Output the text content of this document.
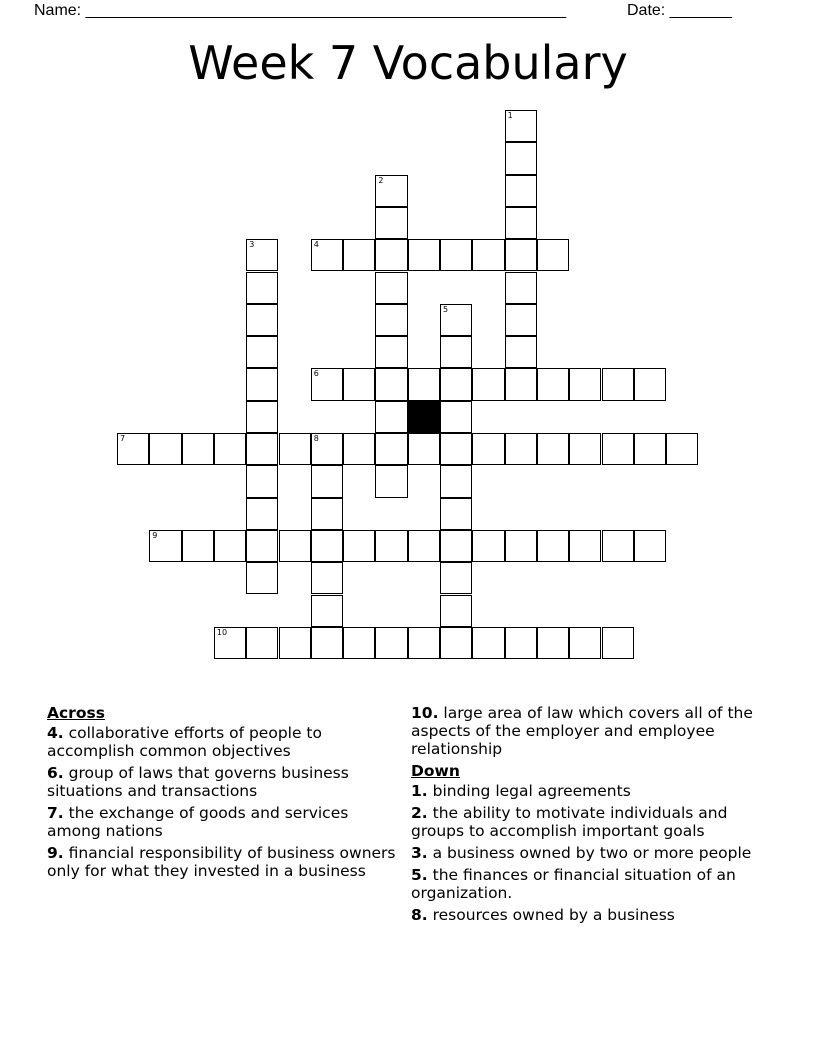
Name: ______________________________________________________	Date: _______
Week 7 Vocabulary
1
2
3	4
5
6
7	8
9
10
Across
4. collaborative efforts of people to accomplish common objectives
6. group of laws that governs business situations and transactions
7. the exchange of goods and services among nations
9. financial responsibility of business owners only for what they invested in a business
10. large area of law which covers all of the aspects of the employer and employee relationship
Down
1. binding legal agreements
2. the ability to motivate individuals and groups to accomplish important goals
3. a business owned by two or more people
5. the finances or financial situation of an organization.
8. resources owned by a business
